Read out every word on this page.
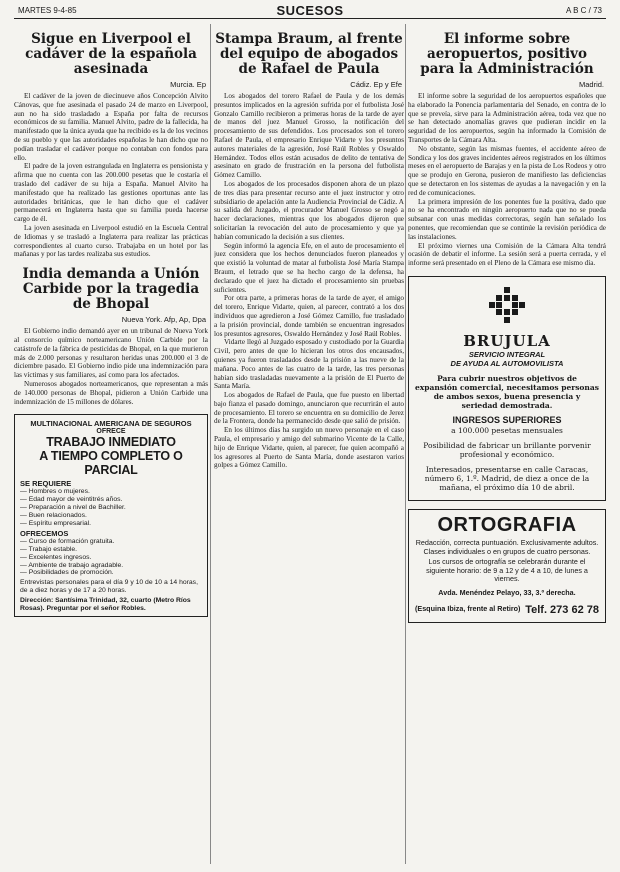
MARTES 9-4-85	SUCESOS	A B C / 73
Sigue en Liverpool el cadáver de la española asesinada
Murcia. Ep

El cadáver de la joven de diecinueve años Concepción Alvito Cánovas, que fue asesinada el pasado 24 de marzo en Liverpool, aun no ha sido trasladado a España por falta de recursos económicos de su familia. Manuel Alvito, padre de la fallecida, ha manifestado que la única ayuda que ha recibido es la de los vecinos de su pueblo y que las autoridades españolas le han dicho que no podían trasladar el cadáver porque no contaban con fondos para ello.

El padre de la joven estrangulada en Inglaterra es pensionista y afirma que no cuenta con las 200.000 pesetas que le costaría el traslado del cadáver de su hija a España. Manuel Alvito ha manifestado que ha realizado las gestiones oportunas ante las autoridades británicas, que le han dicho que el cadáver permanecerá en Inglaterra hasta que su familia pueda hacerse cargo de él.

La joven asesinada en Liverpool estudió en la Escuela Central de Idiomas y se trasladó a Inglaterra para realizar las prácticas correspondientes al cuarto curso. Trabajaba en un hotel por las mañanas y por las tardes realizaba sus estudios.

India demanda a Unión Carbide por la tragedia de Bhopal
Nueva York. Afp, Ap, Dpa

El Gobierno indio demandó ayer en un tribunal de Nueva York al consorcio químico norteamericano Unión Carbide por la catástrofe de la fábrica de pesticidas de Bhopal, en la que murieron más de 2.000 personas y resultaron heridas unas 200.000 el 3 de diciembre pasado. El Gobierno indio pide una indemnización para las víctimas y sus familiares, así como para los afectados.

Numerosos abogados norteamericanos, que representan a más de 140.000 personas de Bhopal, pidieron a Unión Carbide una indemnización de 15 millones de dólares.

MULTINACIONAL AMERICANA DE SEGUROS
OFRECE
TRABAJO INMEDIATO
A TIEMPO COMPLETO O PARCIAL
SE REQUIERE
— Hombres o mujeres.
— Edad mayor de veintitrés años.
— Preparación a nivel de Bachiller.
— Buen relacionados.
— Espíritu empresarial.
OFRECEMOS
— Curso de formación gratuita.
— Trabajo estable.
— Excelentes ingresos.
— Ambiente de trabajo agradable.
— Posibilidades de promoción.
Entrevistas personales para el día 9 y 10 de 10 a 14 horas, de a diez horas y de 17 a 20 horas.
Dirección: Santísima Trinidad, 32, cuarto (Metro Ríos Rosas). Preguntar por el señor Robles.
Stampa Braum, al frente del equipo de abogados de Rafael de Paula
Cádiz. Ep y Efe

Los abogados del torero Rafael de Paula y de los demás presuntos implicados en la agresión sufrida por el futbolista José Gonzalo Camillo recibieron a primeras horas de la tarde de ayer de manos del juez Manuel Grosso, la notificación del procesamiento de sus defendidos. Los procesados son el torero Rafael de Paula, el empresario Enrique Vidarte y los presuntos autores materiales de la agresión, José Raúl Robles y Oswaldo Hernández. Todos ellos están acusados de delito de tentativa de asesinato en grado de frustración en la persona del futbolista Gómez Camillo.

Los abogados de los procesados disponen ahora de un plazo de tres días para presentar recurso ante el juez instructor y otro subsidiario de apelación ante la Audiencia Provincial de Cádiz. A su salida del Juzgado, el procurador Manuel Grosso se negó a hacer declaraciones, mientras que los abogados dijeron que solicitarían la revocación del auto de procesamiento y que ya habían comunicado la decisión a sus clientes.

Según informó la agencia Efe, en el auto de procesamiento el juez considera que los hechos denunciados fueron planeados y que existió la voluntad de matar al futbolista José María Stampa Braum, el letrado que se ha hecho cargo de la defensa, ha declarado que el juez ha dictado el procesamiento sin pruebas suficientes.

Por otra parte, a primeras horas de la tarde de ayer, el amigo del torero, Enrique Vidarte, quien, al parecer, contrató a los dos individuos que agredieron a José Gómez Camillo, fue trasladado a la prisión provincial, donde también se encuentran ingresados los presuntos agresores, Oswaldo Hernández y José Raúl Robles.

Vidarte llegó al Juzgado esposado y custodiado por la Guardia Civil, pero antes de que lo hicieran los otros dos encausados, quienes ya fueron trasladados desde la prisión a las nueve de la mañana. Poco antes de las cuatro de la tarde, las tres personas habían sido trasladadas nuevamente a la prisión de El Puerto de Santa María.

Los abogados de Rafael de Paula, que fue puesto en libertad bajo fianza el pasado domingo, anunciaron que recurrirán el auto de procesamiento. El torero se encuentra en su domicilio de Jerez de la Frontera, donde ha permanecido desde que salió de prisión.

En los últimos días ha surgido un nuevo personaje en el caso Paula, el empresario y amigo del submarino Vicente de la Calle, hijo de Enrique Vidarte, quien, al parecer, fue quien acompañó a los agresores al Puerto de Santa María, donde asestaron varios golpes a Gómez Camillo.

El informe sobre aeropuertos, positivo para la Administración
Madrid.

El informe sobre la seguridad de los aeropuertos españoles que ha elaborado la Ponencia parlamentaria del Senado, en contra de lo que se preveía, sirve para la Administración aérea, toda vez que no se han detectado anomalías graves que pudieran incidir en la seguridad de los aeropuertos, según ha informado la Comisión de Transportes de la Cámara Alta.

No obstante, según las mismas fuentes, el accidente aéreo de Sondica y los dos graves incidentes aéreos registrados en los últimos meses en el aeropuerto de Barajas y en la pista de Los Rodeos y otro que se produjo en Gerona, pusieron de manifiesto las deficiencias que se detectaron en los sistemas de ayudas a la navegación y en la red de comunicaciones.

La primera impresión de los ponentes fue la positiva, dado que no se ha encontrado en ningún aeropuerto nada que no se pueda subsanar con unas medidas correctoras, según han señalado los ponentes, que recomiendan que se continúe la revisión periódica de las instalaciones.

El próximo viernes una Comisión de la Cámara Alta tendrá ocasión de debatir el informe. La sesión será a puerta cerrada, y el informe será presentado en el Pleno de la Cámara ese mismo día.

BRUJULA
SERVICIO INTEGRAL
DE AYUDA AL AUTOMOVILISTA
Para cubrir nuestros objetivos de expansión comercial, necesitamos personas de ambos sexos, buena presencia y seriedad demostrada.
INGRESOS SUPERIORES
a 100.000 pesetas mensuales
Posibilidad de fabricar un brillante porvenir profesional y económico.
Interesados, presentarse en calle Caracas, número 6, 1.º. Madrid, de diez a once de la mañana, el próximo día 10 de abril.
ORTOGRAFIA
Redacción, correcta puntuación. Exclusivamente adultos. Clases individuales o en grupos de cuatro personas.
Los cursos de ortografía se celebrarán durante el siguiente horario: de 9 a 12 y de 4 a 10, de lunes a viernes.
Avda. Menéndez Pelayo, 33, 3.º derecha.
(Esquina Ibiza, frente al Retiro) Telf. 273 62 78
